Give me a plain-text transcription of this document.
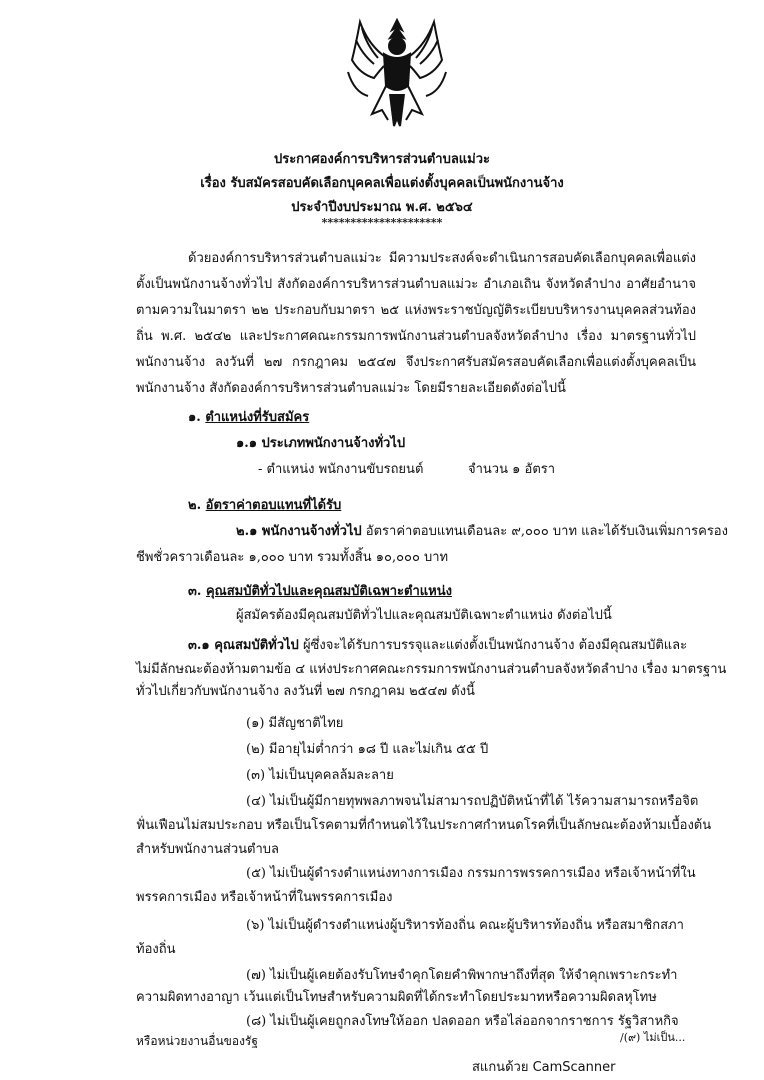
ประกาศองค์การบริหารส่วนตำบลแม่วะ
เรื่อง รับสมัครสอบคัดเลือกบุคคลเพื่อแต่งตั้งบุคคลเป็นพนักงานจ้าง
ประจำปีงบประมาณ พ.ศ. ๒๕๖๔
*********************
ด้วยองค์การบริหารส่วนตำบลแม่วะ มีความประสงค์จะดำเนินการสอบคัดเลือกบุคคลเพื่อแต่งตั้งเป็นพนักงานจ้างทั่วไป สังกัดองค์การบริหารส่วนตำบลแม่วะ อำเภอเถิน จังหวัดลำปาง อาศัยอำนาจตามความในมาตรา ๒๒ ประกอบกับมาตรา ๒๕ แห่งพระราชบัญญัติระเบียบบริหารงานบุคคลส่วนท้องถิ่น พ.ศ. ๒๕๔๒ และประกาศคณะกรรมการพนักงานส่วนตำบลจังหวัดลำปาง เรื่อง มาตรฐานทั่วไปพนักงานจ้าง ลงวันที่ ๒๗ กรกฎาคม ๒๕๔๗ จึงประกาศรับสมัครสอบคัดเลือกเพื่อแต่งตั้งบุคคลเป็นพนักงานจ้าง สังกัดองค์การบริหารส่วนตำบลแม่วะ โดยมีรายละเอียดดังต่อไปนี้
๑. ตำแหน่งที่รับสมัคร
๑.๑ ประเภทพนักงานจ้างทั่วไป
- ตำแหน่ง พนักงานขับรถยนต์	จำนวน ๑ อัตรา
๒. อัตราค่าตอบแทนที่ได้รับ
๒.๑ พนักงานจ้างทั่วไป อัตราค่าตอบแทนเดือนละ ๙,๐๐๐ บาท และได้รับเงินเพิ่มการครอง
ชีพชั่วคราวเดือนละ ๑,๐๐๐ บาท รวมทั้งสิ้น ๑๐,๐๐๐ บาท
๓. คุณสมบัติทั่วไปและคุณสมบัติเฉพาะตำแหน่ง
ผู้สมัครต้องมีคุณสมบัติทั่วไปและคุณสมบัติเฉพาะตำแหน่ง ดังต่อไปนี้
๓.๑ คุณสมบัติทั่วไป ผู้ซึ่งจะได้รับการบรรจุและแต่งตั้งเป็นพนักงานจ้าง ต้องมีคุณสมบัติและ
ไม่มีลักษณะต้องห้ามตามข้อ ๔ แห่งประกาศคณะกรรมการพนักงานส่วนตำบลจังหวัดลำปาง เรื่อง มาตรฐาน
ทั่วไปเกี่ยวกับพนักงานจ้าง ลงวันที่ ๒๗ กรกฎาคม ๒๕๔๗ ดังนี้
(๑) มีสัญชาติไทย
(๒) มีอายุไม่ต่ำกว่า ๑๘ ปี และไม่เกิน ๕๕ ปี
(๓) ไม่เป็นบุคคลล้มละลาย
(๔) ไม่เป็นผู้มีกายทุพพลภาพจนไม่สามารถปฏิบัติหน้าที่ได้ ไร้ความสามารถหรือจิต
ฟั่นเฟือนไม่สมประกอบ หรือเป็นโรคตามที่กำหนดไว้ในประกาศกำหนดโรคที่เป็นลักษณะต้องห้ามเบื้องต้น
สำหรับพนักงานส่วนตำบล
(๕) ไม่เป็นผู้ดำรงตำแหน่งทางการเมือง กรรมการพรรคการเมือง หรือเจ้าหน้าที่ใน
พรรคการเมือง หรือเจ้าหน้าที่ในพรรคการเมือง
(๖) ไม่เป็นผู้ดำรงตำแหน่งผู้บริหารท้องถิ่น คณะผู้บริหารท้องถิ่น หรือสมาชิกสภา
ท้องถิ่น
(๗) ไม่เป็นผู้เคยต้องรับโทษจำคุกโดยคำพิพากษาถึงที่สุด ให้จำคุกเพราะกระทำ
ความผิดทางอาญา เว้นแต่เป็นโทษสำหรับความผิดที่ได้กระทำโดยประมาทหรือความผิดลหุโทษ
(๘) ไม่เป็นผู้เคยถูกลงโทษให้ออก ปลดออก หรือไล่ออกจากราชการ รัฐวิสาหกิจ
หรือหน่วยงานอื่นของรัฐ	/(๙) ไม่เป็น...
สแกนด้วย CamScanner
